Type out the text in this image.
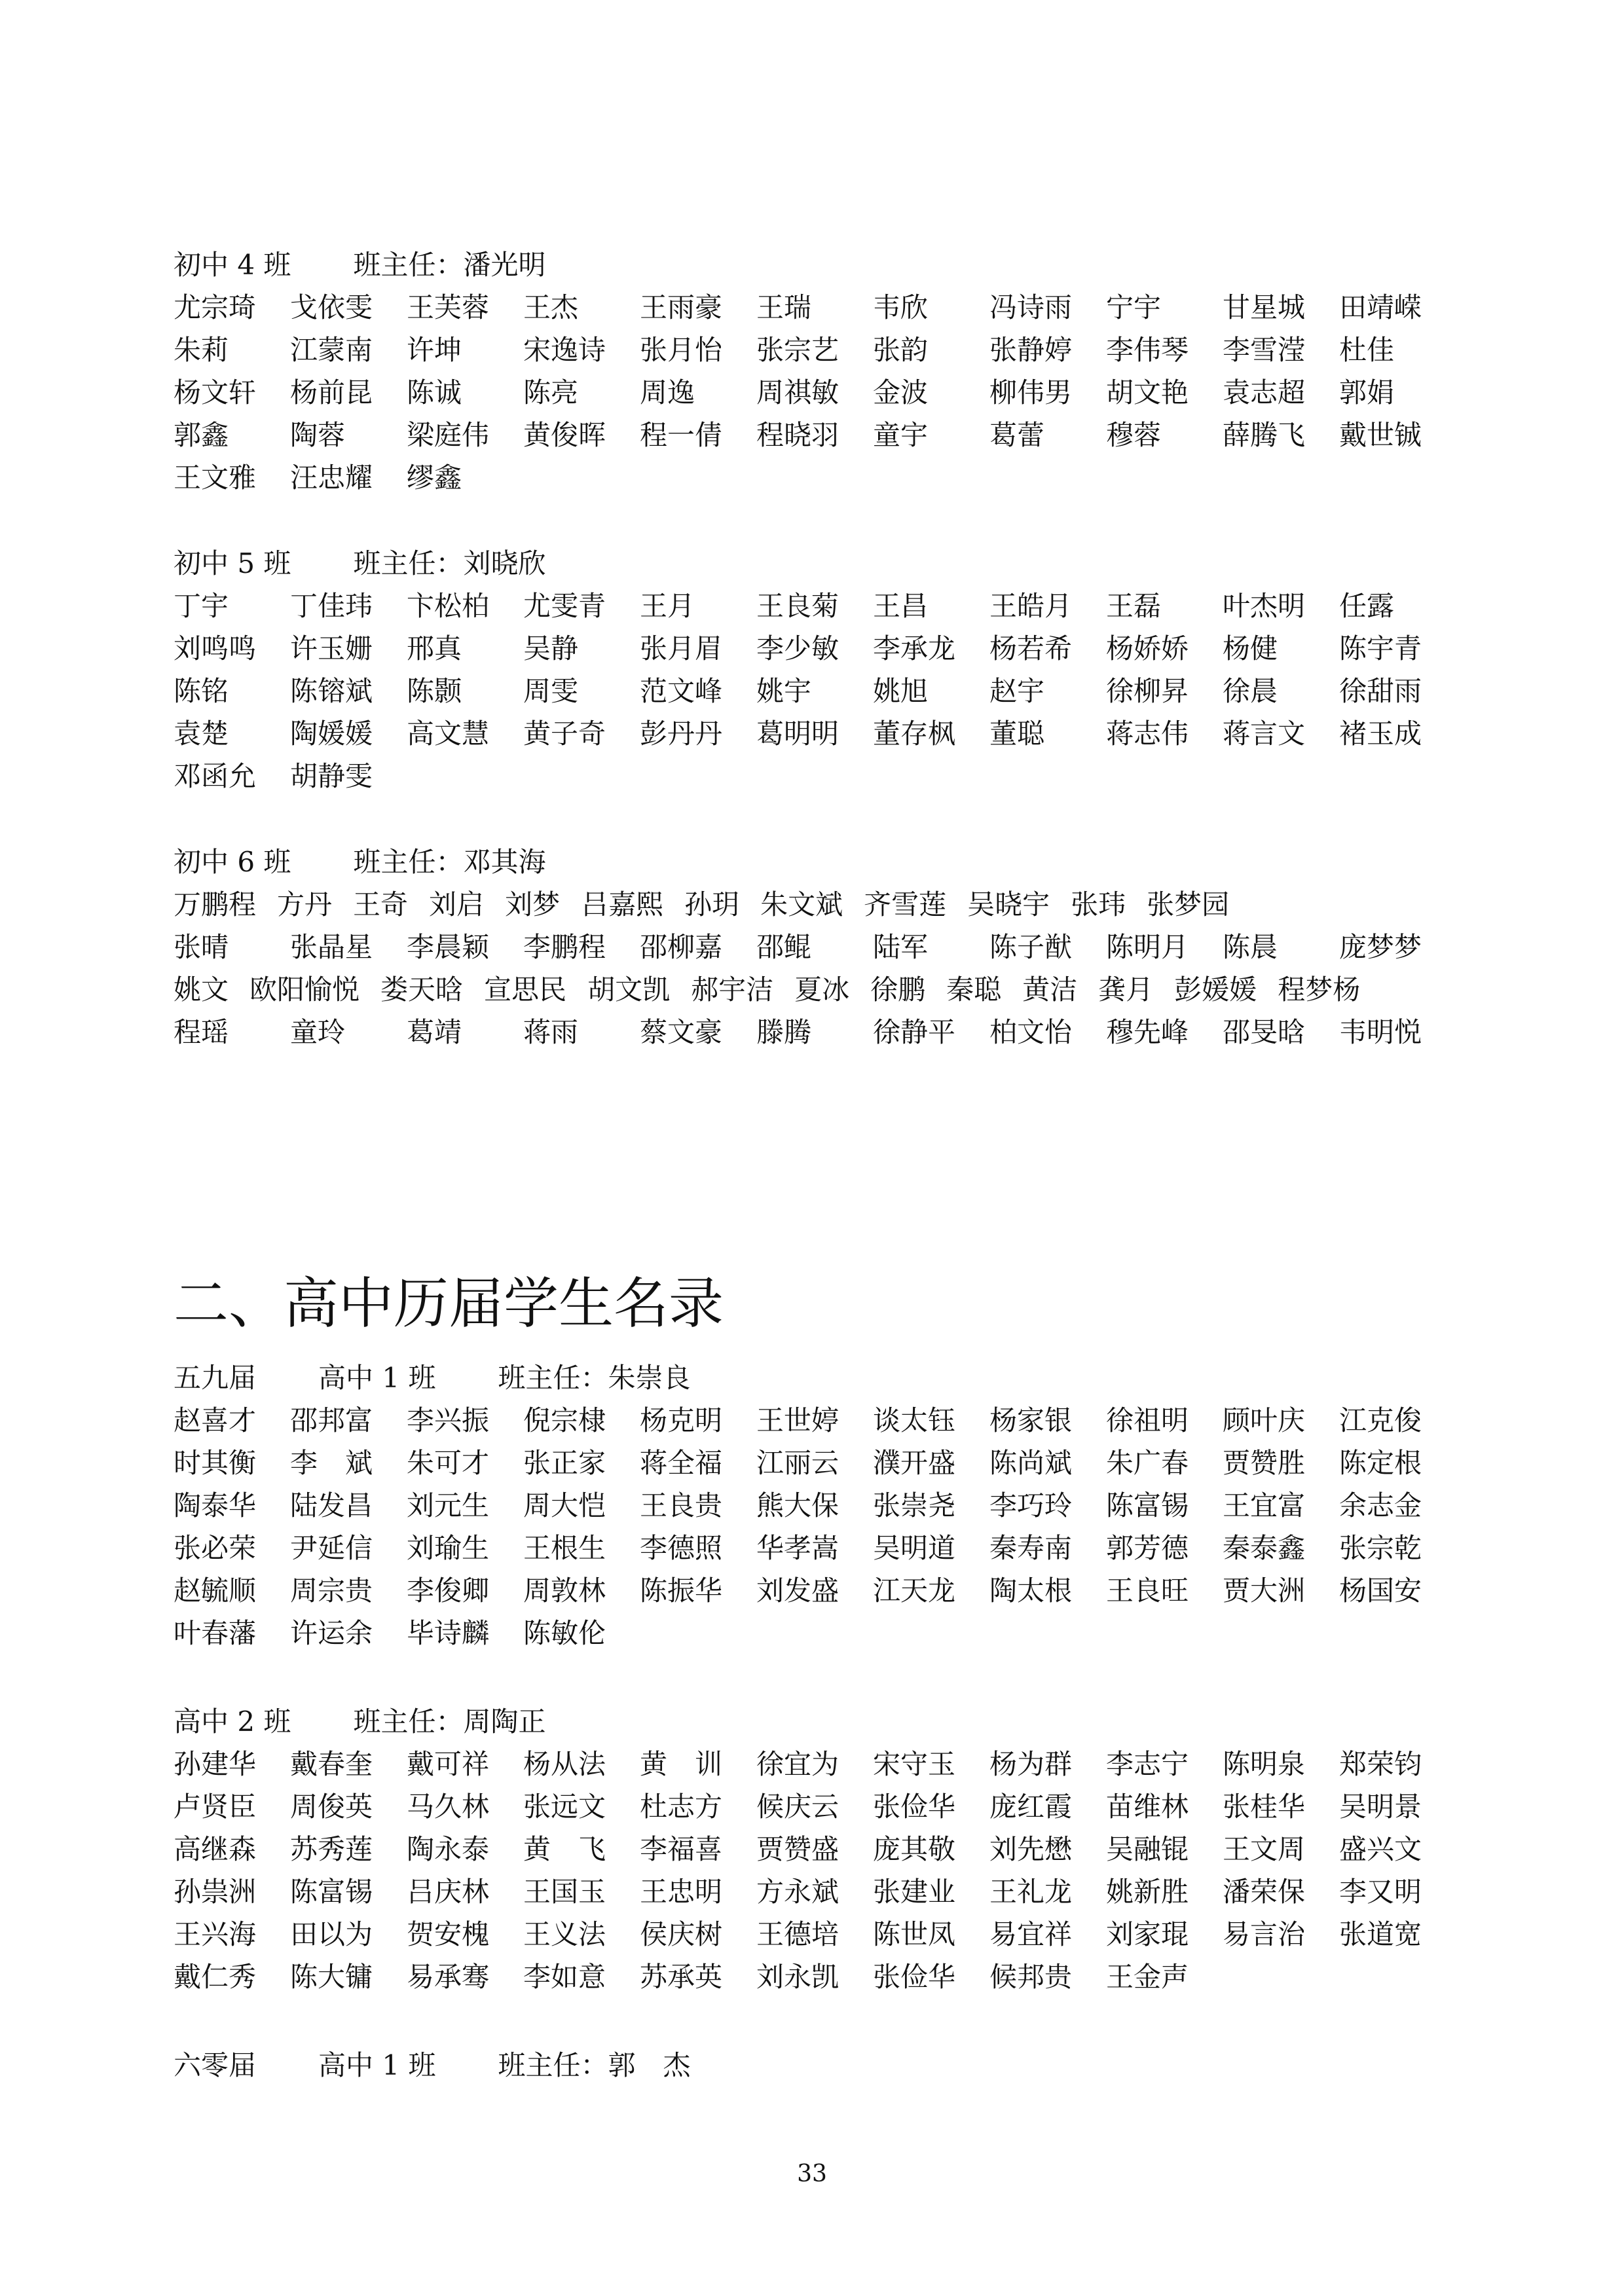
初中 4 班 班主任：潘光明
尤宗琦 戈依雯 王芙蓉 王杰 王雨豪 王瑞 韦欣 冯诗雨 宁宇 甘星城 田靖嵘
朱莉 江蒙南 许坤 宋逸诗 张月怡 张宗艺 张韵 张静婷 李伟琴 李雪滢 杜佳
杨文轩 杨前昆 陈诚 陈亮 周逸 周祺敏 金波 柳伟男 胡文艳 袁志超 郭娟
郭鑫 陶蓉 梁庭伟 黄俊晖 程一倩 程晓羽 童宇 葛蕾 穆蓉 薛腾飞 戴世铖
王文雅 汪忠耀 缪鑫
初中 5 班 班主任：刘晓欣
丁宇 丁佳玮 卞松柏 尤雯青 王月 王良菊 王昌 王皓月 王磊 叶杰明 任露
刘鸣鸣 许玉姗 邢真 吴静 张月眉 李少敏 李承龙 杨若希 杨娇娇 杨健 陈宇青
陈铭 陈镕斌 陈颢 周雯 范文峰 姚宇 姚旭 赵宇 徐柳昇 徐晨 徐甜雨
袁楚 陶媛媛 高文慧 黄子奇 彭丹丹 葛明明 董存枫 董聪 蒋志伟 蒋言文 褚玉成
邓函允 胡静雯
初中 6 班 班主任：邓其海
万鹏程 方丹 王奇 刘启 刘梦 吕嘉熙 孙玥 朱文斌 齐雪莲 吴晓宇 张玮 张梦园
张晴 张晶星 李晨颖 李鹏程 邵柳嘉 邵鲲 陆军 陈子猷 陈明月 陈晨 庞梦梦
姚文 欧阳愉悦 娄天晗 宣思民 胡文凯 郝宇洁 夏冰 徐鹏 秦聪 黄洁 龚月 彭媛媛 程梦杨
程瑶 童玲 葛靖 蒋雨 蔡文豪 滕腾 徐静平 柏文怡 穆先峰 邵旻晗 韦明悦
二、高中历届学生名录
五九届 高中 1 班 班主任：朱崇良
赵喜才 邵邦富 李兴振 倪宗棣 杨克明 王世婷 谈太钰 杨家银 徐祖明 顾叶庆 江克俊
时其衡 李　斌 朱可才 张正家 蒋全福 江丽云 濮开盛 陈尚斌 朱广春 贾赞胜 陈定根
陶泰华 陆发昌 刘元生 周大恺 王良贵 熊大保 张崇尧 李巧玲 陈富锡 王宜富 余志金
张必荣 尹延信 刘瑜生 王根生 李德照 华孝嵩 吴明道 秦寿南 郭芳德 秦泰鑫 张宗乾
赵毓顺 周宗贵 李俊卿 周敦林 陈振华 刘发盛 江天龙 陶太根 王良旺 贾大洲 杨国安
叶春藩 许运余 毕诗麟 陈敏伦
高中 2 班 班主任：周陶正
孙建华 戴春奎 戴可祥 杨从法 黄　训 徐宜为 宋守玉 杨为群 李志宁 陈明泉 郑荣钧
卢贤臣 周俊英 马久林 张远文 杜志方 候庆云 张俭华 庞红霞 苗维林 张桂华 吴明景
高继森 苏秀莲 陶永泰 黄　飞 李福喜 贾赞盛 庞其敬 刘先懋 吴融锟 王文周 盛兴文
孙祟洲 陈富锡 吕庆林 王国玉 王忠明 方永斌 张建业 王礼龙 姚新胜 潘荣保 李又明
王兴海 田以为 贺安槐 王义法 侯庆树 王德培 陈世凤 易宜祥 刘家琨 易言治 张道宽
戴仁秀 陈大镛 易承骞 李如意 苏承英 刘永凯 张俭华 候邦贵 王金声
六零届 高中 1 班 班主任：郭　杰
33
